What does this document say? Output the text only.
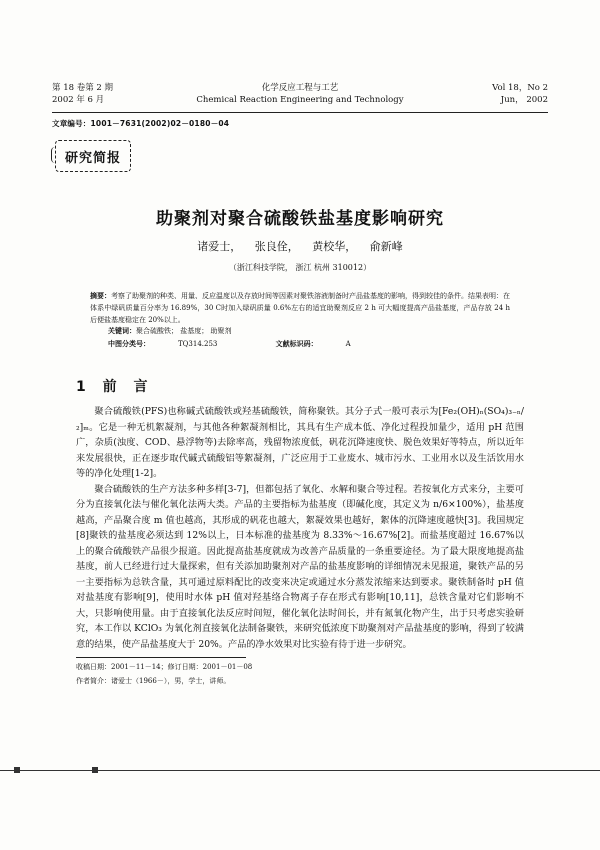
第 18 卷第 2 期
2002 年 6 月
化学反应工程与工艺
Chemical Reaction Engineering and Technology
Vol 18，No 2
Jun， 2002
文章编号：1001－7631(2002)02－0180－04
研究简报
助聚剂对聚合硫酸铁盐基度影响研究
诸爱士， 张良佺， 黄校华， 俞新峰
（浙江科技学院， 浙江 杭州 310012）
摘要：考察了助聚剂的种类、用量、反应温度以及存放时间等因素对聚铁溶液制备时产品盐基度的影响，得到较佳的条件。结果表明：在体系中绿矾质量百分率为 16.89%，30 C时加入绿矾质量 0.6%左右的适宜助聚剂反应 2 h 可大幅度提高产品盐基度，产品存放 24 h 后便盐基度稳定在 20%以上。
关键词：聚合硫酸铁； 盐基度； 助聚剂
中图分类号：	TQ314.253	文献标识码：	A
1 前 言

聚合硫酸铁(PFS)也称碱式硫酸铁或羟基硫酸铁，简称聚铁。其分子式一般可表示为[Fe₂(OH)ₙ(SO₄)₃₋ₙ/₂]ₘ。它是一种无机絮凝剂，与其他各种絮凝剂相比，其具有生产成本低、净化过程投加量少，适用 pH 范围广，杂质(浊度、COD、悬浮物等)去除率高，残留物浓度低，矾花沉降速度快、脱色效果好等特点，所以近年来发展很快，正在逐步取代碱式硫酸铝等絮凝剂，广泛应用于工业废水、城市污水、工业用水以及生活饮用水等的净化处理[1-2]。

聚合硫酸铁的生产方法多种多样[3-7]，但都包括了氧化、水解和聚合等过程。若按氧化方式来分，主要可分为直接氧化法与催化氧化法两大类。产品的主要指标为盐基度（即碱化度，其定义为 n/6×100%），盐基度越高，产品聚合度 m 值也越高，其形成的矾花也越大，絮凝效果也越好，絮体的沉降速度越快[3]。我国规定[8]聚铁的盐基度必须达到 12%以上，日本标准的盐基度为 8.33%～16.67%[2]。而盐基度超过 16.67%以上的聚合硫酸铁产品很少报道。因此提高盐基度就成为改善产品质量的一条重要途径。为了最大限度地提高盐基度，前人已经进行过大量探索，但有关添加助聚剂对产品的盐基度影响的详细情况未见报道，聚铁产品的另一主要指标为总铁含量，其可通过原料配比的改变来决定或通过水分蒸发浓缩来达到要求。聚铁制备时 pH 值对盐基度有影响[9]，使用时水体 pH 值对羟基络合物离子存在形式有影响[10,11]，总铁含量对它们影响不大，只影响使用量。由于直接氧化法反应时间短，催化氧化法时间长，并有氮氧化物产生，出于只考虑实验研究，本工作以 KClO₃ 为氧化剂直接氧化法制备聚铁，来研究低浓度下助聚剂对产品盐基度的影响，得到了较满意的结果，使产品盐基度大于 20%。产品的净水效果对比实验有待于进一步研究。

收稿日期：2001－11－14；修订日期：2001－01－08
作者简介：诸爱士（1966－），男，学士，讲师。
